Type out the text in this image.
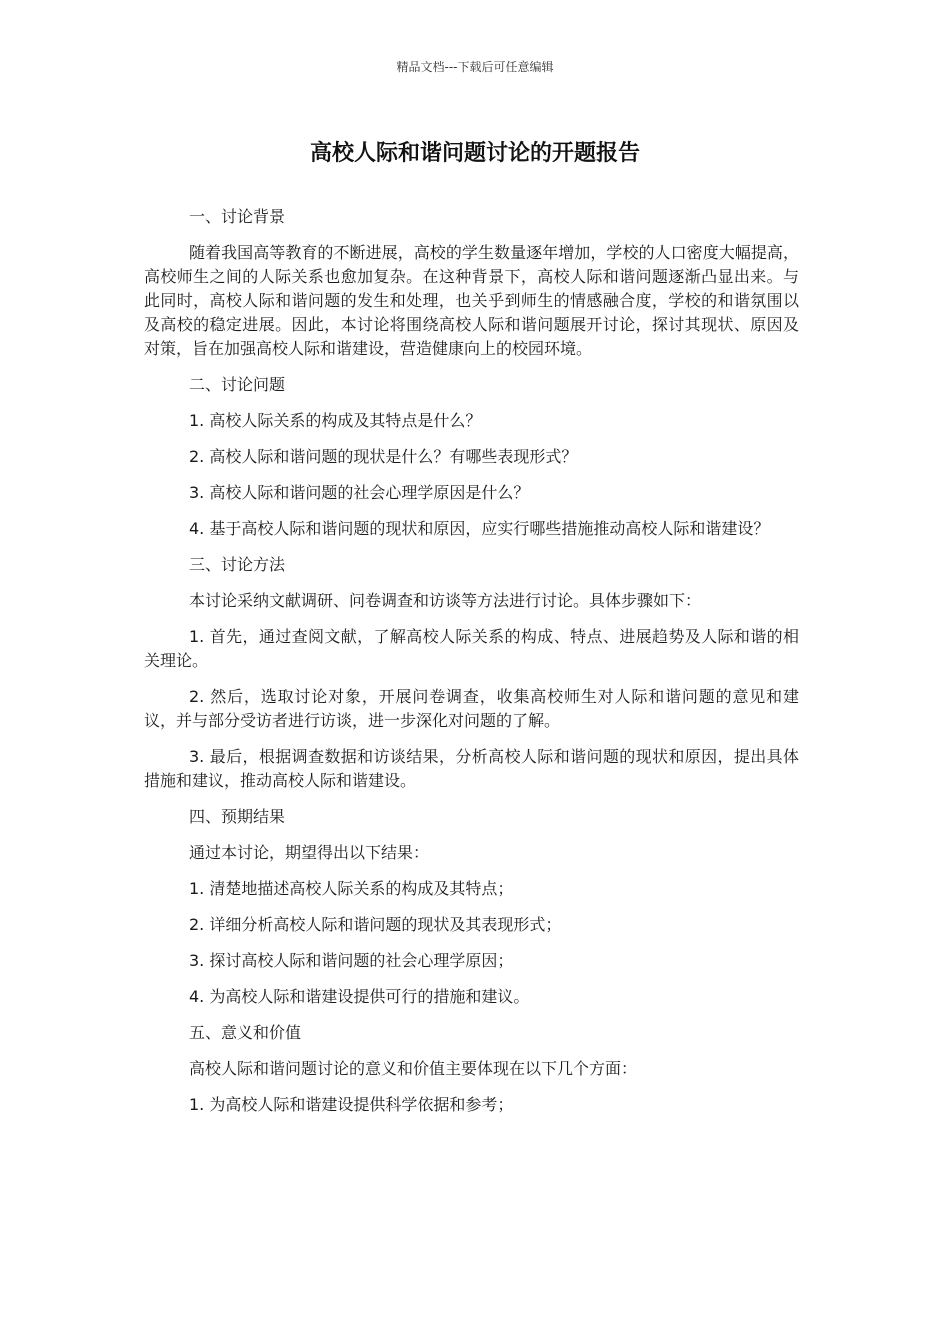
精品文档---下载后可任意编辑
高校人际和谐问题讨论的开题报告

一、讨论背景

随着我国高等教育的不断进展，高校的学生数量逐年增加，学校的人口密度大幅提高，高校师生之间的人际关系也愈加复杂。在这种背景下，高校人际和谐问题逐渐凸显出来。与此同时，高校人际和谐问题的发生和处理，也关乎到师生的情感融合度，学校的和谐氛围以及高校的稳定进展。因此，本讨论将围绕高校人际和谐问题展开讨论，探讨其现状、原因及对策，旨在加强高校人际和谐建设，营造健康向上的校园环境。

二、讨论问题

1. 高校人际关系的构成及其特点是什么？

2. 高校人际和谐问题的现状是什么？有哪些表现形式？

3. 高校人际和谐问题的社会心理学原因是什么？

4. 基于高校人际和谐问题的现状和原因，应实行哪些措施推动高校人际和谐建设？

三、讨论方法

本讨论采纳文献调研、问卷调查和访谈等方法进行讨论。具体步骤如下：

1. 首先，通过查阅文献，了解高校人际关系的构成、特点、进展趋势及人际和谐的相关理论。

2. 然后，选取讨论对象，开展问卷调查，收集高校师生对人际和谐问题的意见和建议，并与部分受访者进行访谈，进一步深化对问题的了解。

3. 最后，根据调查数据和访谈结果，分析高校人际和谐问题的现状和原因，提出具体措施和建议，推动高校人际和谐建设。

四、预期结果

通过本讨论，期望得出以下结果：

1. 清楚地描述高校人际关系的构成及其特点；

2. 详细分析高校人际和谐问题的现状及其表现形式；

3. 探讨高校人际和谐问题的社会心理学原因；

4. 为高校人际和谐建设提供可行的措施和建议。

五、意义和价值

高校人际和谐问题讨论的意义和价值主要体现在以下几个方面：

1. 为高校人际和谐建设提供科学依据和参考；
